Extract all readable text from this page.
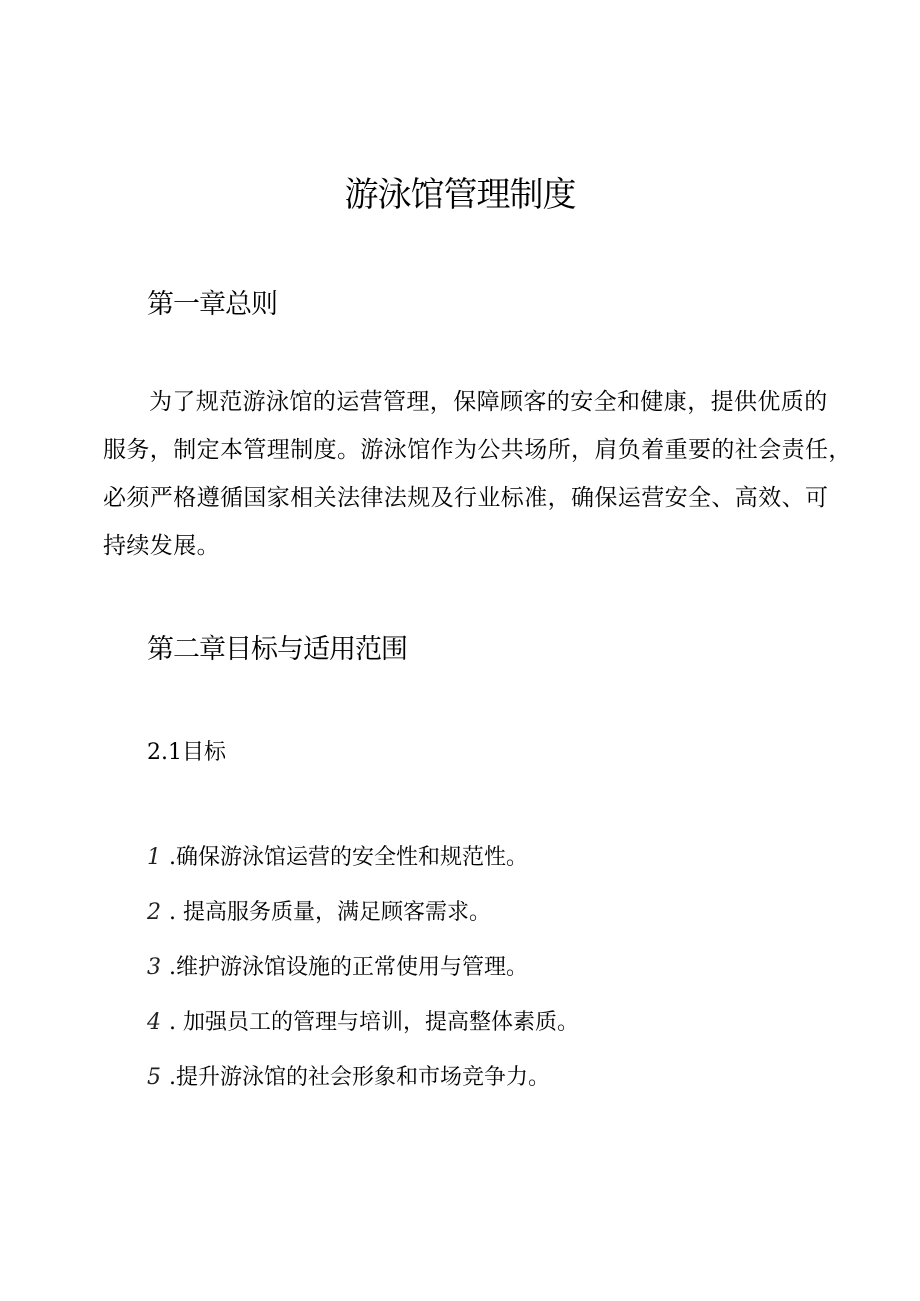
游泳馆管理制度
第一章总则
为了规范游泳馆的运营管理，保障顾客的安全和健康，提供优质的
服务，制定本管理制度。游泳馆作为公共场所，肩负着重要的社会责任，
必须严格遵循国家相关法律法规及行业标准，确保运营安全、高效、可
持续发展。
第二章目标与适用范围
2.1目标
1 .确保游泳馆运营的安全性和规范性。
2 . 提高服务质量，满足顾客需求。
3 .维护游泳馆设施的正常使用与管理。
4 . 加强员工的管理与培训，提高整体素质。
5 .提升游泳馆的社会形象和市场竞争力。
